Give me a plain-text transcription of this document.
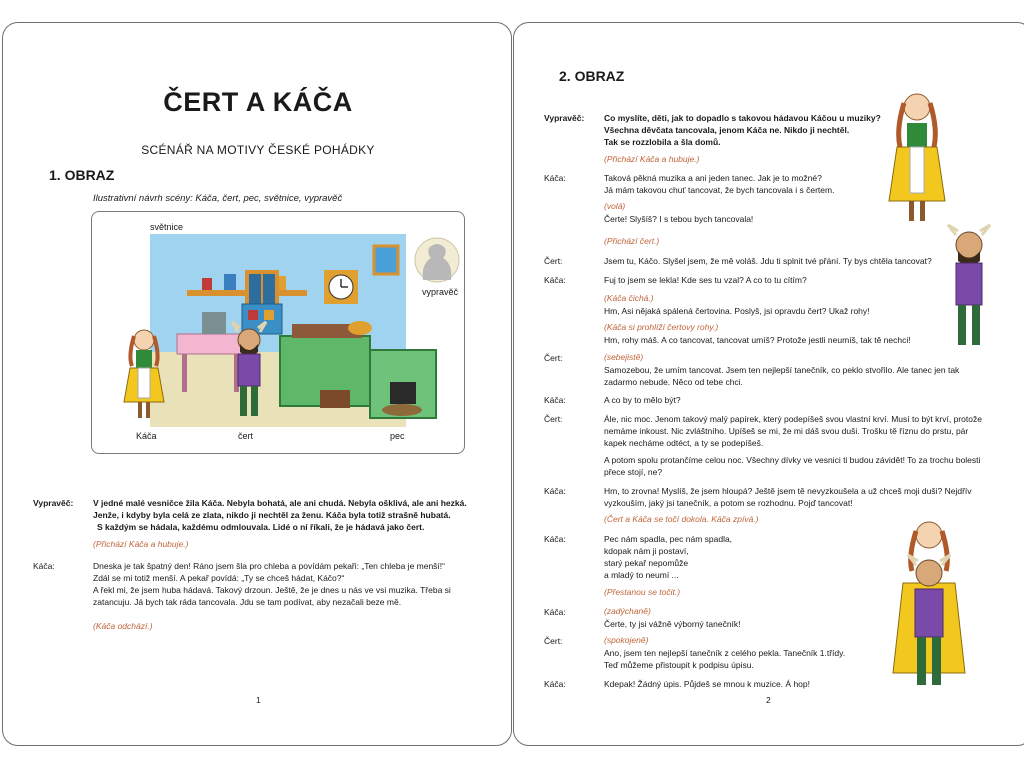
ČERT A KÁČA
SCÉNÁŘ NA MOTIVY ČESKÉ POHÁDKY
1. OBRAZ
Ilustrativní návrh scény: Káča, čert, pec, světnice, vypravěč
světnice
vypravěč
Káča	čert	pec
Vypravěč: V jedné malé vesničce žila Káča. Nebyla bohatá, ale ani chudá. Nebyla ošklivá, ale ani hezká.
Jenže, i kdyby byla celá ze zlata, nikdo ji nechtěl za ženu. Káča byla totiž strašně hubatá.
S každým se hádala, každému odmlouvala. Lidé o ní říkali, že je hádavá jako čert.
(Přichází Káča a hubuje.)
Káča:	Dneska je tak špatný den! Ráno jsem šla pro chleba a povídám pekaři: „Ten chleba je menší!“
Zdál se mi totiž menší. A pekař povídá: „Ty se chceš hádat, Káčo?“
A řekl mi, že jsem huba hádavá. Takový drzoun. Ještě, že je dnes u nás ve vsi muzika. Třeba si
zatancuju. Já bych tak ráda tancovala. Jdu se tam podívat, aby nezačali beze mě.
(Káča odchází.)
1
2. OBRAZ
Vypravěč: Co myslíte, děti, jak to dopadlo s takovou hádavou Káčou u muziky?
Všechna děvčata tancovala, jenom Káča ne. Nikdo ji nechtěl.
Tak se rozzlobila a šla domů.
(Přichází Káča a hubuje.)
Káča:	Taková pěkná muzika a ani jeden tanec. Jak je to možné?
Já mám takovou chuť tancovat, že bych tancovala i s čertem.
(volá)
Čerte! Slyšíš? I s tebou bych tancovala!
(Přichází čert.)
Čert:	Jsem tu, Káčo. Slyšel jsem, že mě voláš. Jdu ti splnit tvé přání. Ty bys chtěla tancovat?
Káča:	Fuj to jsem se lekla! Kde ses tu vzal? A co to tu cítím?
(Káča čichá.)
Hm, Asi nějaká spálená čertovina. Poslyš, jsi opravdu čert? Ukaž rohy!
(Káča si prohlíží čertovy rohy.)
Hm, rohy máš. A co tancovat, tancovat umíš? Protože jestli neumíš, tak tě nechci!
Čert:	(sebejistě)
Samozebou, že umím tancovat. Jsem ten nejlepší tanečník, co peklo stvořilo. Ale tanec jen tak
zadarmo nebude. Něco od tebe chci.
Káča:	A co by to mělo být?
Čert:	Ále, nic moc. Jenom takový malý papírek, který podepíšeš svou vlastní krví. Musí to být krví, protože
nemáme inkoust. Nic zvláštního. Upíšeš se mi, že mi dáš svou duši. Trošku tě říznu do prstu, pár
kapek necháme odtéct, a ty se podepíšeš.
A potom spolu protančíme celou noc. Všechny dívky ve vesnici ti budou závidět! To za trochu bolesti
přece stojí, ne?
Káča:	Hm, to zrovna! Myslíš, že jsem hloupá? Ještě jsem tě nevyzkoušela a už chceš moji duši? Nejdřív
vyzkouším, jaký jsi tanečník, a potom se rozhodnu. Pojď tancovat!
(Čert a Káča se točí dokola. Káča zpívá.)
Káča:	Pec nám spadla, pec nám spadla,
kdopak nám ji postaví,
starý pekař nepomůže
a mladý to neumí ...
(Přestanou se točit.)
Káča:	(zadýchaně)
Čerte, ty jsi vážně výborný tanečník!
Čert:	(spokojeně)
Ano, jsem ten nejlepší tanečník z celého pekla. Tanečník 1.třídy.
Teď můžeme přistoupit k podpisu úpisu.
Káča:	Kdepak! Žádný úpis. Půjdeš se mnou k muzice. Á hop!
2
